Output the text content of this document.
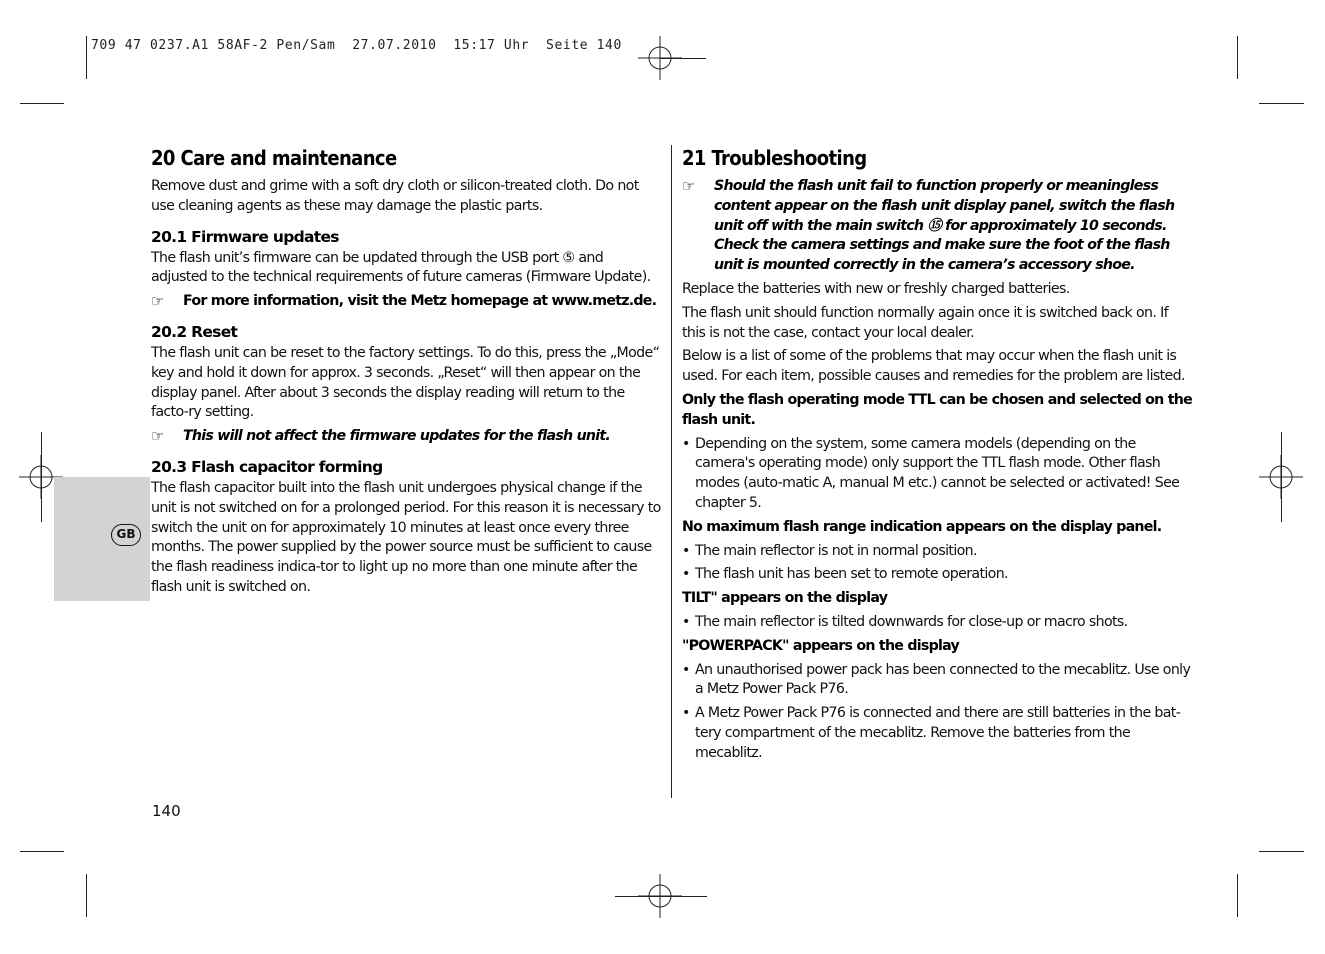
709 47 0237.A1 58AF-2 Pen/Sam  27.07.2010  15:17 Uhr  Seite 140
GB
20 Care and maintenance
Remove dust and grime with a soft dry cloth or silicon-treated cloth. Do not use cleaning agents as these may damage the plastic parts.
20.1 Firmware updates
The flash unit’s firmware can be updated through the USB port ⑤ and adjusted to the technical requirements of future cameras (Firmware Update).
☞	For more information, visit the Metz homepage at www.metz.de.
20.2 Reset
The flash unit can be reset to the factory settings. To do this, press the „Mode“ key and hold it down for approx. 3 seconds. „Reset“ will then appear on the display panel. After about 3 seconds the display reading will return to the facto-ry setting.
☞	This will not affect the firmware updates for the flash unit.
20.3 Flash capacitor forming
The flash capacitor built into the flash unit undergoes physical change if the unit is not switched on for a prolonged period. For this reason it is necessary to switch the unit on for approximately 10 minutes at least once every three months. The power supplied by the power source must be sufficient to cause the flash readiness indica-tor to light up no more than one minute after the flash unit is switched on.
21 Troubleshooting
☞	Should the flash unit fail to function properly or meaningless content appear on the flash unit display panel, switch the flash unit off with the main switch ⑮ for approximately 10 seconds. Check the camera settings and make sure the foot of the flash unit is mounted correctly in the camera’s accessory shoe.
Replace the batteries with new or freshly charged batteries.
The flash unit should function normally again once it is switched back on. If this is not the case, contact your local dealer.
Below is a list of some of the problems that may occur when the flash unit is used. For each item, possible causes and remedies for the problem are listed.
Only the flash operating mode TTL can be chosen and selected on the flash unit.
• Depending on the system, some camera models (depending on the camera's operating mode) only support the TTL flash mode. Other flash modes (auto-matic A, manual M etc.) cannot be selected or activated! See chapter 5.
No maximum flash range indication appears on the display panel.
• The main reflector is not in normal position.
• The flash unit has been set to remote operation.
TILT" appears on the display
• The main reflector is tilted downwards for close-up or macro shots.
"POWERPACK" appears on the display
• An unauthorised power pack has been connected to the mecablitz. Use only a Metz Power Pack P76.
• A Metz Power Pack P76 is connected and there are still batteries in the bat-tery compartment of the mecablitz. Remove the batteries from the mecablitz.
140
